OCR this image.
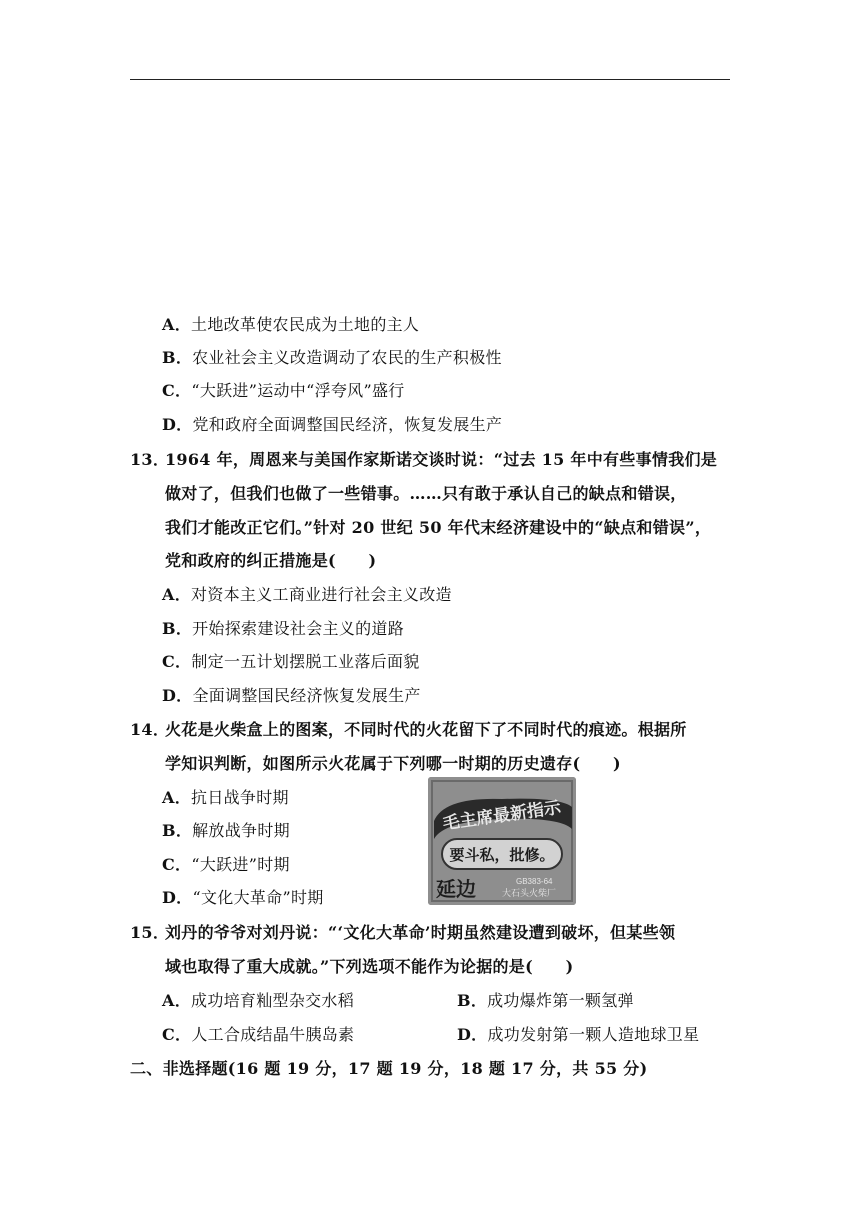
A．土地改革使农民成为土地的主人
B．农业社会主义改造调动了农民的生产积极性
C．“大跃进”运动中“浮夸风”盛行
D．党和政府全面调整国民经济，恢复发展生产
13．
1964 年，周恩来与美国作家斯诺交谈时说：“过去 15 年中有些事情我们是
做对了，但我们也做了一些错事。……只有敢于承认自己的缺点和错误，
我们才能改正它们。”针对 20 世纪 50 年代末经济建设中的“缺点和错误”，
党和政府的纠正措施是(　　)
A．对资本主义工商业进行社会主义改造
B．开始探索建设社会主义的道路
C．制定一五计划摆脱工业落后面貌
D．全面调整国民经济恢复发展生产
14．
火花是火柴盒上的图案，不同时代的火花留下了不同时代的痕迹。根据所
学知识判断，如图所示火花属于下列哪一时期的历史遗存(　　)
A．抗日战争时期
B．解放战争时期
C．“大跃进”时期
D．“文化大革命”时期
毛主席最新指示
要斗私，批修。
延边	GB383-64
大石头火柴厂
15．
刘丹的爷爷对刘丹说：“‘文化大革命’时期虽然建设遭到破坏，但某些领
域也取得了重大成就。”下列选项不能作为论据的是(　　)
A．成功培育籼型杂交水稻	B．成功爆炸第一颗氢弹
C．人工合成结晶牛胰岛素	D．成功发射第一颗人造地球卫星
二、非选择题(16 题 19 分，17 题 19 分，18 题 17 分，共 55 分)
